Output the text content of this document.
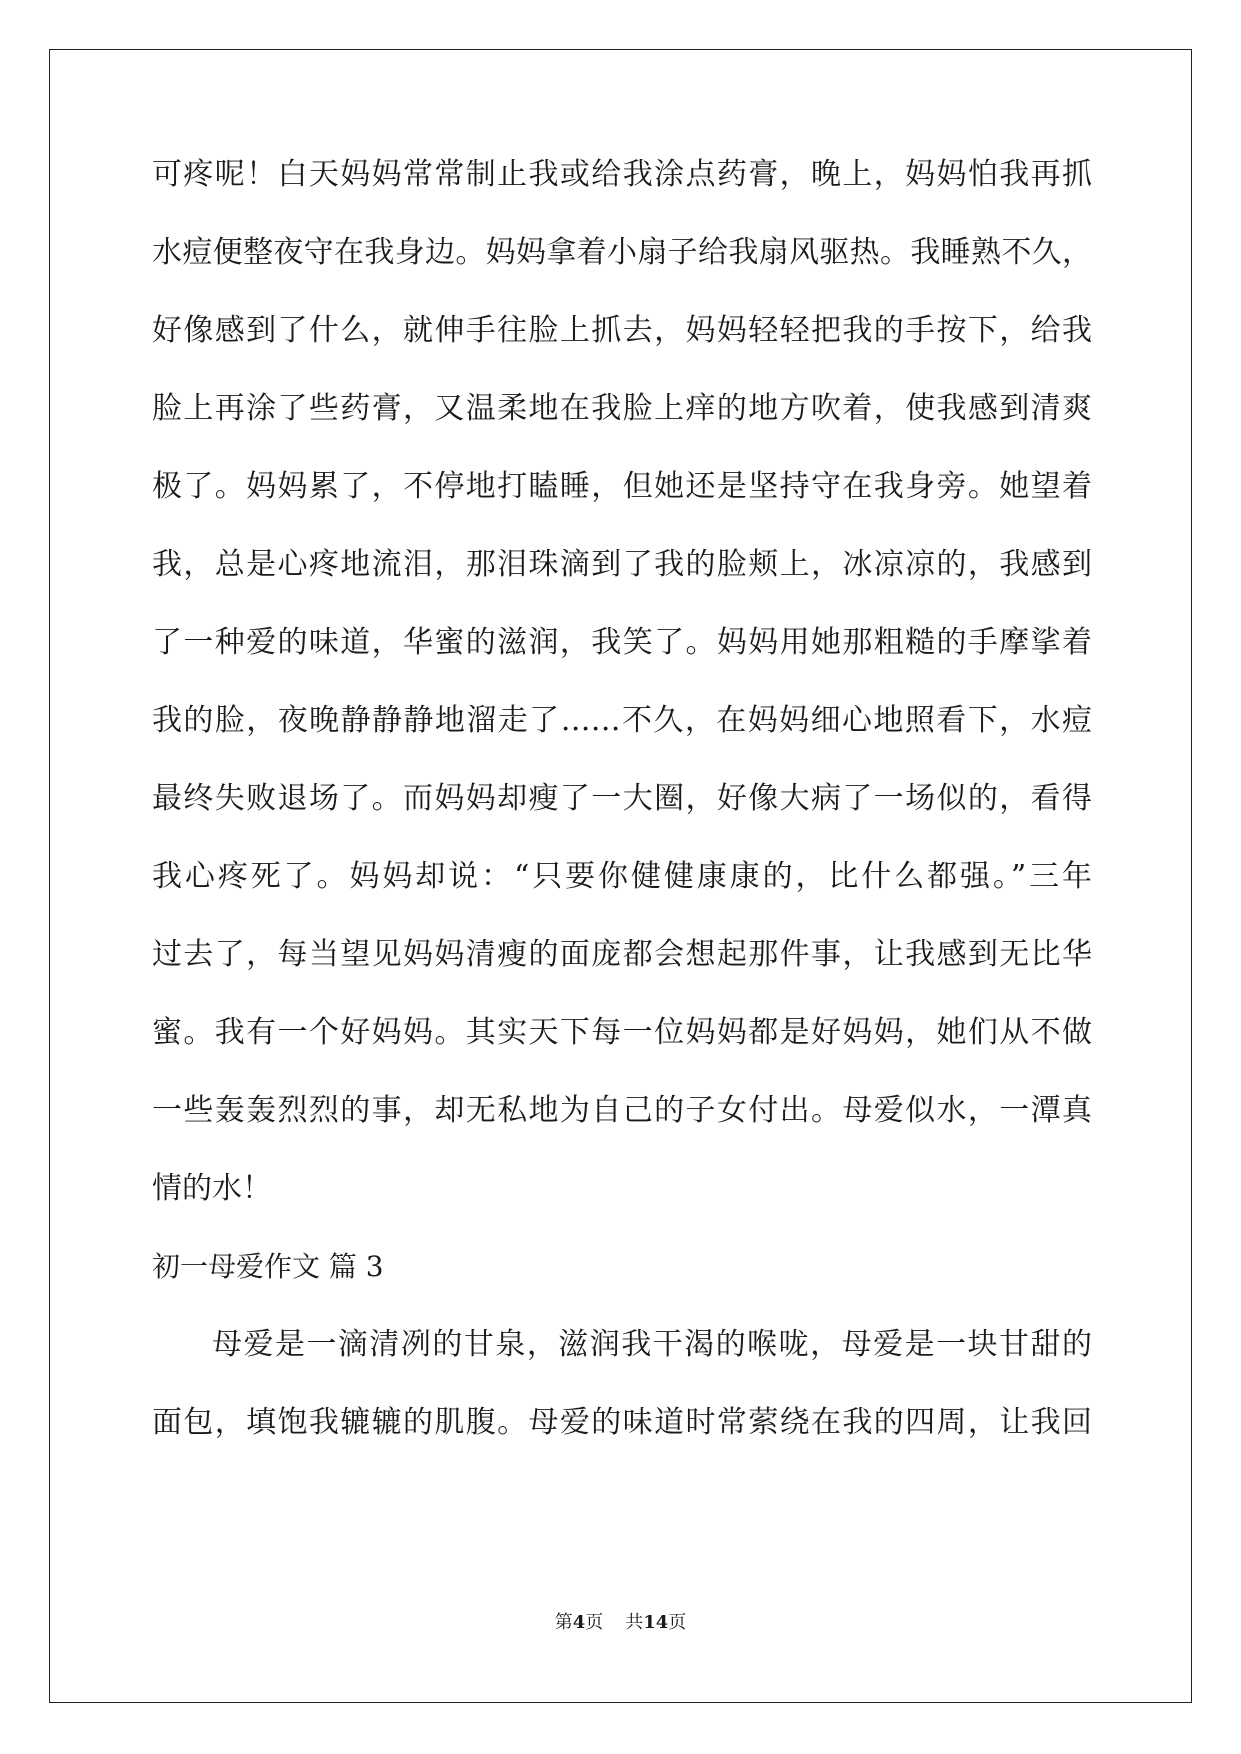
可疼呢！白天妈妈常常制止我或给我涂点药膏，晚上，妈妈怕我再抓
水痘便整夜守在我身边。妈妈拿着小扇子给我扇风驱热。我睡熟不久，
好像感到了什么，就伸手往脸上抓去，妈妈轻轻把我的手按下，给我
脸上再涂了些药膏，又温柔地在我脸上痒的地方吹着，使我感到清爽
极了。妈妈累了，不停地打瞌睡，但她还是坚持守在我身旁。她望着
我，总是心疼地流泪，那泪珠滴到了我的脸颊上，冰凉凉的，我感到
了一种爱的味道，华蜜的滋润，我笑了。妈妈用她那粗糙的手摩挲着
我的脸，夜晚静静静地溜走了……不久，在妈妈细心地照看下，水痘
最终失败退场了。而妈妈却瘦了一大圈，好像大病了一场似的，看得
我心疼死了。妈妈却说：“只要你健健康康的，比什么都强。”三年
过去了，每当望见妈妈清瘦的面庞都会想起那件事，让我感到无比华
蜜。我有一个好妈妈。其实天下每一位妈妈都是好妈妈，她们从不做
一些轰轰烈烈的事，却无私地为自己的子女付出。母爱似水，一潭真
情的水！
初一母爱作文 篇 3
母爱是一滴清冽的甘泉，滋润我干渴的喉咙，母爱是一块甘甜的
面包，填饱我辘辘的肌腹。母爱的味道时常萦绕在我的四周，让我回
第4页 共14页
